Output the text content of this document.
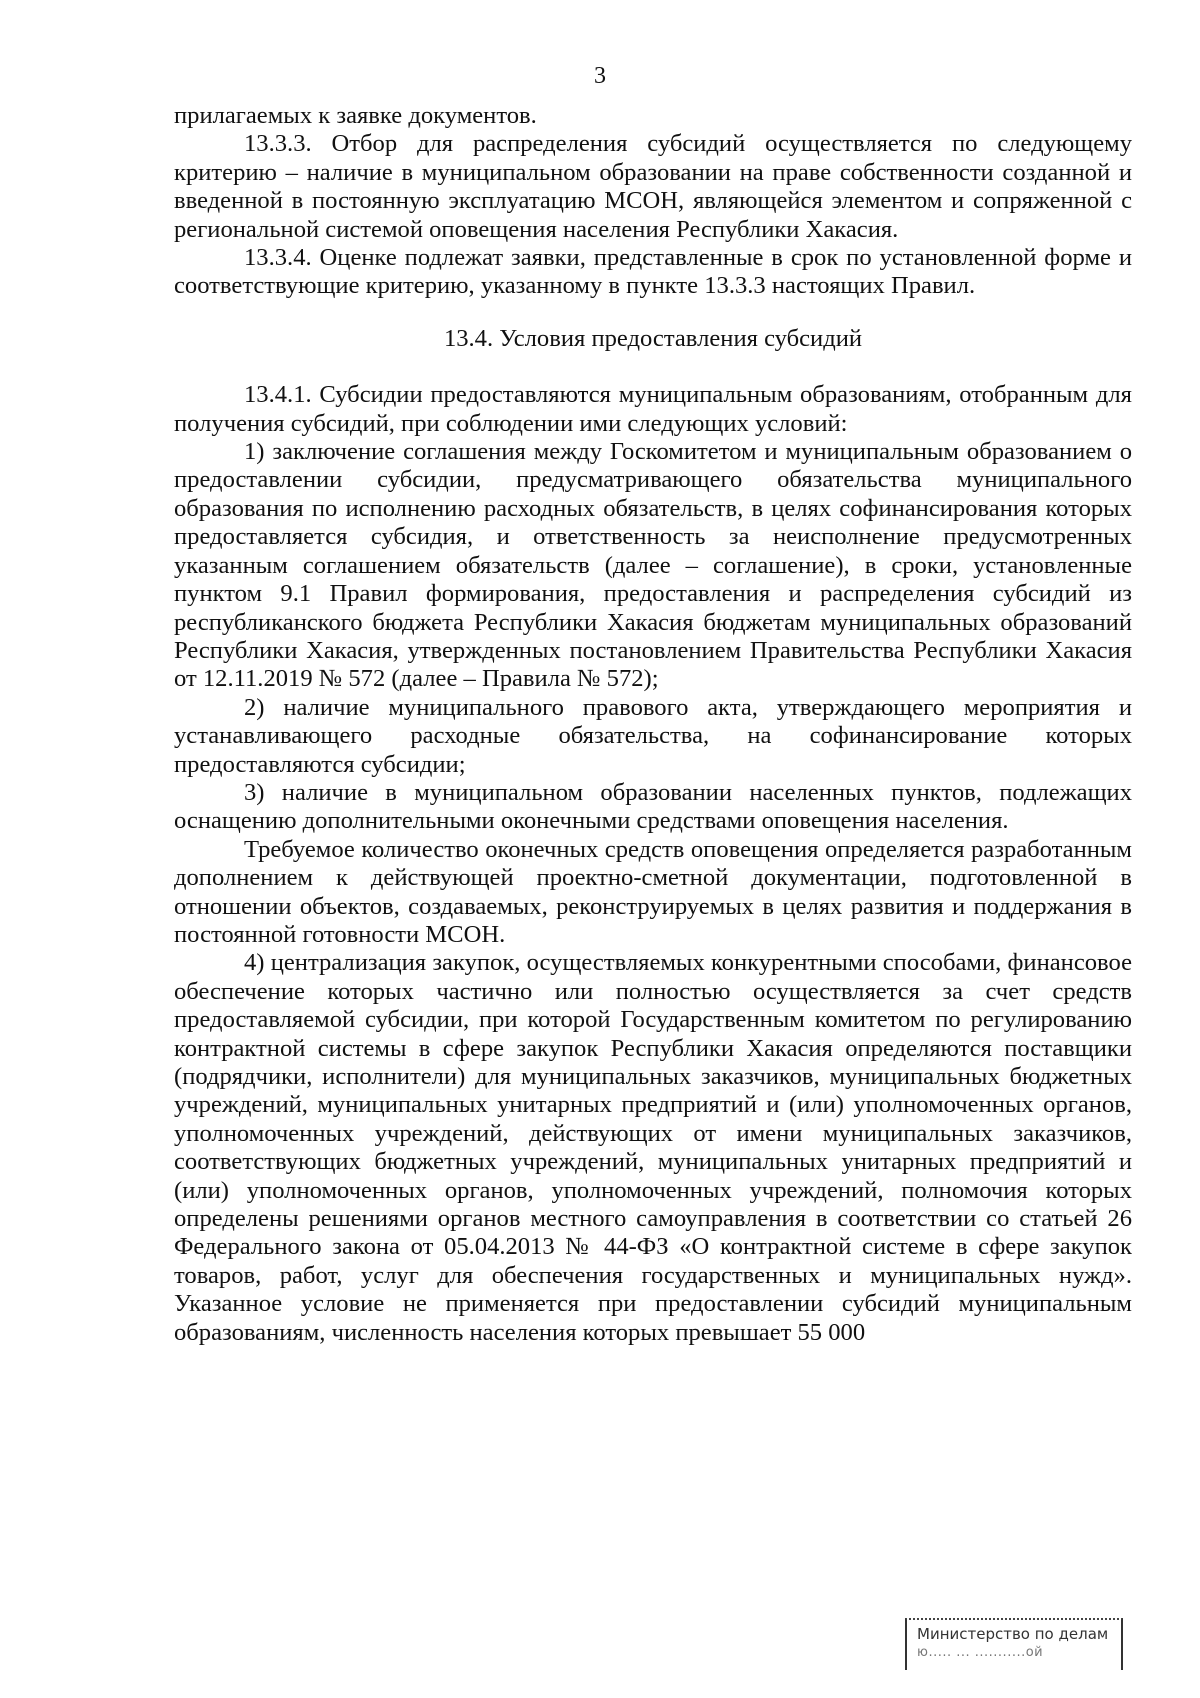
3

прилагаемых к заявке документов.

13.3.3. Отбор для распределения субсидий осуществляется по следующему критерию – наличие в муниципальном образовании на праве собственности созданной и введенной в постоянную эксплуатацию МСОН, являющейся элементом и сопряженной с региональной системой оповещения населения Республики Хакасия.

13.3.4. Оценке подлежат заявки, представленные в срок по установленной форме и соответствующие критерию, указанному в пункте 13.3.3 настоящих Правил.

13.4. Условия предоставления субсидий

13.4.1. Субсидии предоставляются муниципальным образованиям, отобранным для получения субсидий, при соблюдении ими следующих условий:

1) заключение соглашения между Госкомитетом и муниципальным образованием о предоставлении субсидии, предусматривающего обязательства муниципального образования по исполнению расходных обязательств, в целях софинансирования которых предоставляется субсидия, и ответственность за неисполнение предусмотренных указанным соглашением обязательств (далее – соглашение), в сроки, установленные пунктом 9.1 Правил формирования, предоставления и распределения субсидий из республиканского бюджета Республики Хакасия бюджетам муниципальных образований Республики Хакасия, утвержденных постановлением Правительства Республики Хакасия от 12.11.2019 № 572 (далее – Правила № 572);

2) наличие муниципального правового акта, утверждающего мероприятия и устанавливающего расходные обязательства, на софинансирование которых предоставляются субсидии;

3) наличие в муниципальном образовании населенных пунктов, подлежащих оснащению дополнительными оконечными средствами оповещения населения.

Требуемое количество оконечных средств оповещения определяется разработанным дополнением к действующей проектно-сметной документации, подготовленной в отношении объектов, создаваемых, реконструируемых в целях развития и поддержания в постоянной готовности МСОН.

4) централизация закупок, осуществляемых конкурентными способами, финансовое обеспечение которых частично или полностью осуществляется за счет средств предоставляемой субсидии, при которой Государственным комитетом по регулированию контрактной системы в сфере закупок Республики Хакасия определяются поставщики (подрядчики, исполнители) для муниципальных заказчиков, муниципальных бюджетных учреждений, муниципальных унитарных предприятий и (или) уполномоченных органов, уполномоченных учреждений, действующих от имени муниципальных заказчиков, соответствующих бюджетных учреждений, муниципальных унитарных предприятий и (или) уполномоченных органов, уполномоченных учреждений, полномочия которых определены решениями органов местного самоуправления в соответствии со статьей 26 Федерального закона от 05.04.2013 № 44-ФЗ «О контрактной системе в сфере закупок товаров, работ, услуг для обеспечения государственных и муниципальных нужд». Указанное условие не применяется при предоставлении субсидий муниципальным образованиям, численность населения которых превышает 55 000

Министерство по делам
ю..... ... ...........ой
